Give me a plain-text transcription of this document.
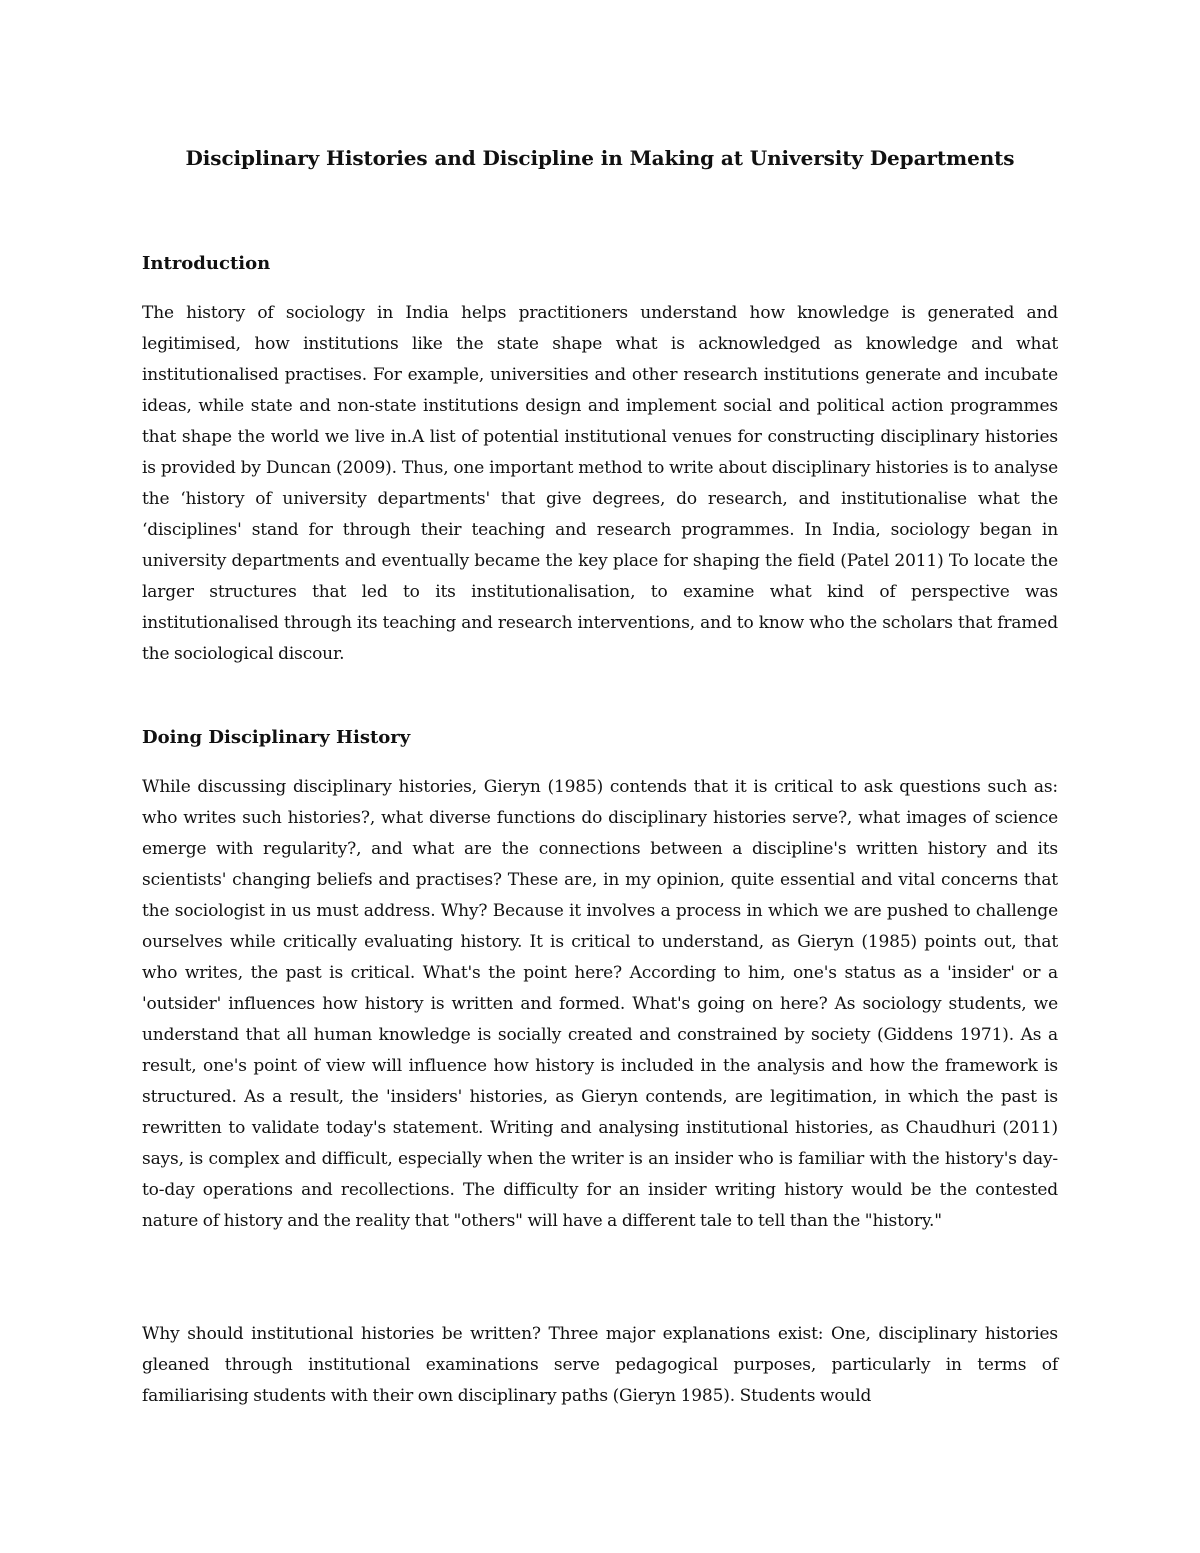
Disciplinary Histories and Discipline in Making at University Departments
Introduction

The history of sociology in India helps practitioners understand how knowledge is generated and legitimised, how institutions like the state shape what is acknowledged as knowledge and what institutionalised practises. For example, universities and other research institutions generate and incubate ideas, while state and non-state institutions design and implement social and political action programmes that shape the world we live in.A list of potential institutional venues for constructing disciplinary histories is provided by Duncan (2009). Thus, one important method to write about disciplinary histories is to analyse the ‘history of university departments' that give degrees, do research, and institutionalise what the ‘disciplines' stand for through their teaching and research programmes. In India, sociology began in university departments and eventually became the key place for shaping the field (Patel 2011) To locate the larger structures that led to its institutionalisation, to examine what kind of perspective was institutionalised through its teaching and research interventions, and to know who the scholars that framed the sociological discour.

Doing Disciplinary History

While discussing disciplinary histories, Gieryn (1985) contends that it is critical to ask questions such as: who writes such histories?, what diverse functions do disciplinary histories serve?, what images of science emerge with regularity?, and what are the connections between a discipline's written history and its scientists' changing beliefs and practises? These are, in my opinion, quite essential and vital concerns that the sociologist in us must address. Why? Because it involves a process in which we are pushed to challenge ourselves while critically evaluating history. It is critical to understand, as Gieryn (1985) points out, that who writes, the past is critical. What's the point here? According to him, one's status as a 'insider' or a 'outsider' influences how history is written and formed. What's going on here? As sociology students, we understand that all human knowledge is socially created and constrained by society (Giddens 1971). As a result, one's point of view will influence how history is included in the analysis and how the framework is structured. As a result, the 'insiders' histories, as Gieryn contends, are legitimation, in which the past is rewritten to validate today's statement. Writing and analysing institutional histories, as Chaudhuri (2011) says, is complex and difficult, especially when the writer is an insider who is familiar with the history's day-to-day operations and recollections. The difficulty for an insider writing history would be the contested nature of history and the reality that "others" will have a different tale to tell than the "history."

Why should institutional histories be written? Three major explanations exist: One, disciplinary histories gleaned through institutional examinations serve pedagogical purposes, particularly in terms of familiarising students with their own disciplinary paths (Gieryn 1985). Students would
